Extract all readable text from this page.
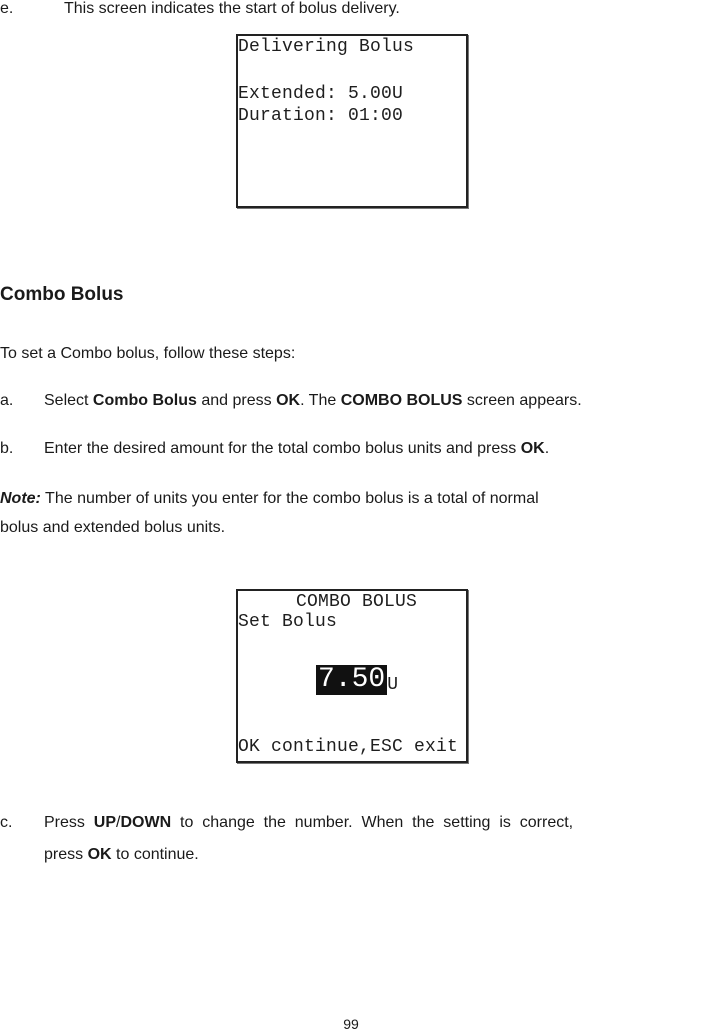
e.	This screen indicates the start of bolus delivery.
Delivering Bolus
Extended: 5.00U
Duration: 01:00
Combo Bolus
To set a Combo bolus, follow these steps:
a. Select Combo Bolus and press OK. The COMBO BOLUS screen appears.
b. Enter the desired amount for the total combo bolus units and press OK.
Note: The number of units you enter for the combo bolus is a total of normal
bolus and extended bolus units.
COMBO BOLUS
Set Bolus
7.50 U
OK continue,ESC exit
c. Press  UP/DOWN  to  change  the  number.  When  the  setting  is  correct,
press OK to continue.
99
